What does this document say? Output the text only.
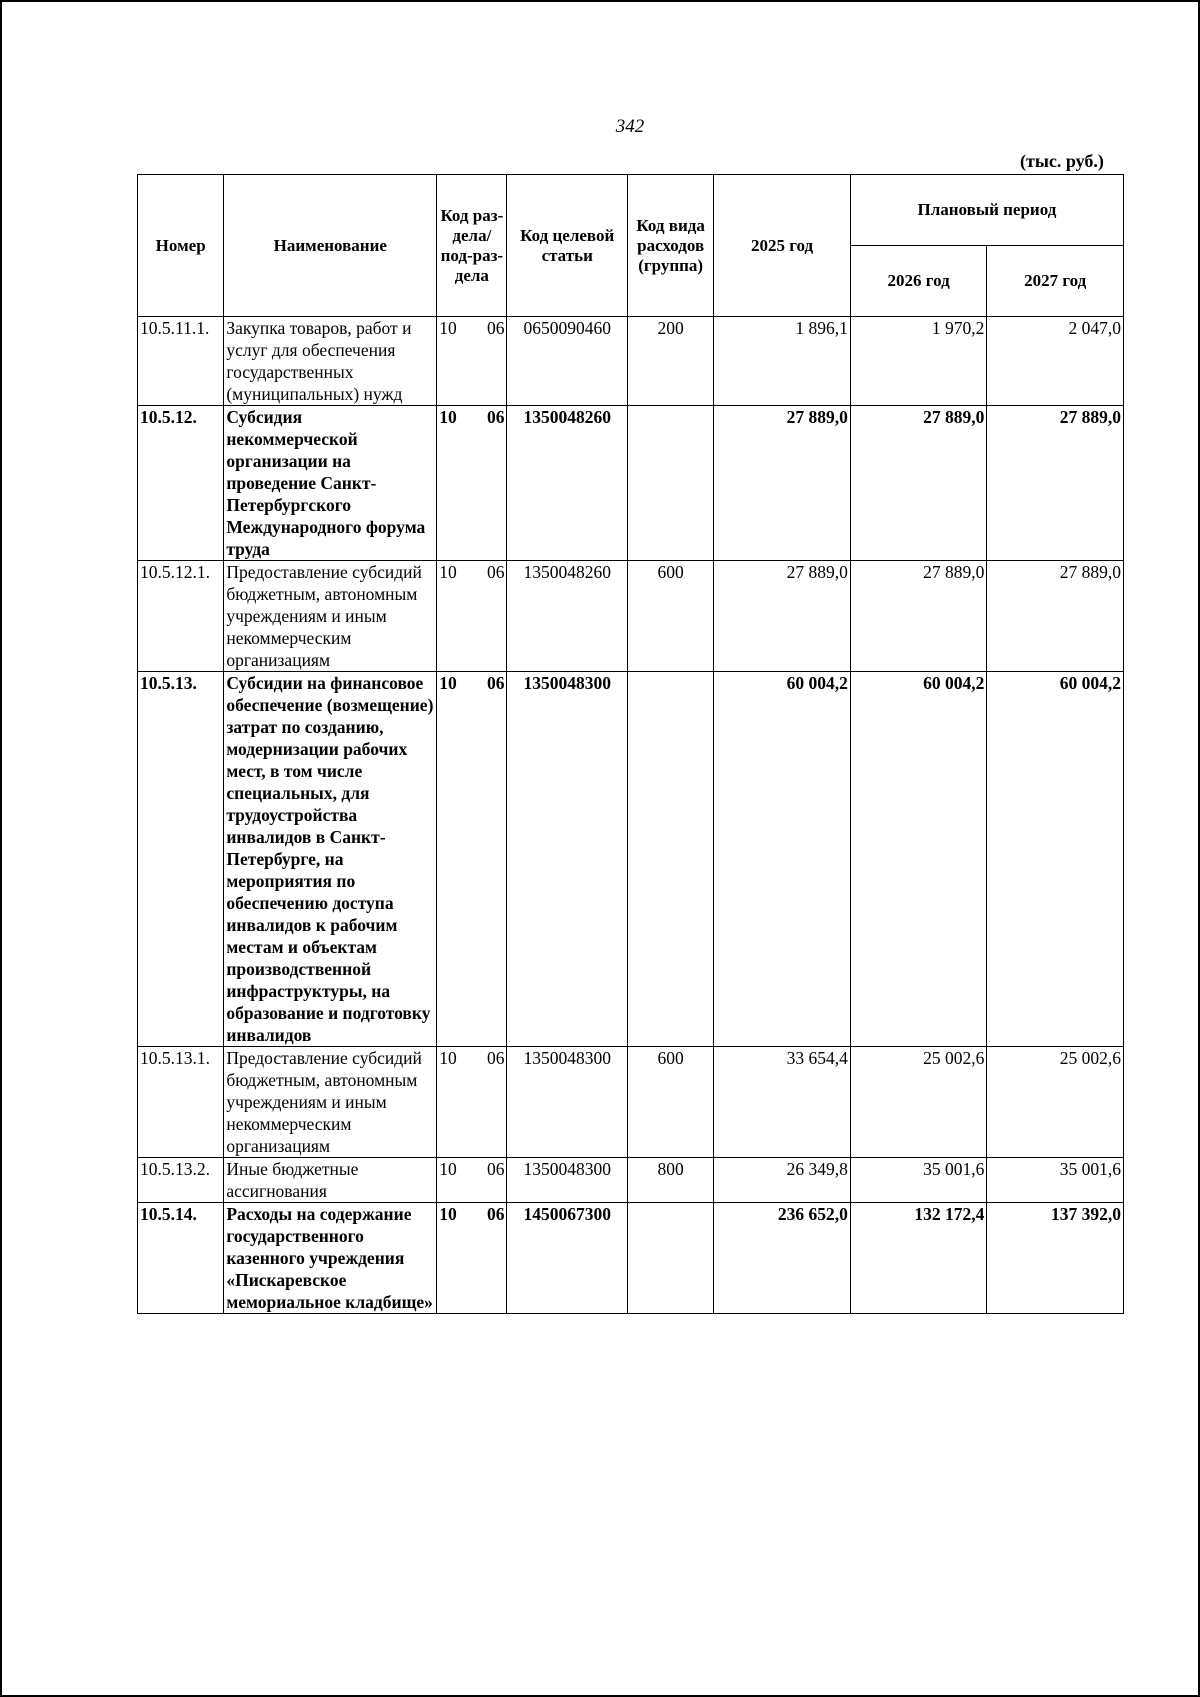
342
(тыс. руб.)
Номер	Наименование	Код раз-дела/ под-раз-дела	Код целевой статьи	Код вида расходов (группа)	2025 год	Плановый период	
						2026 год	2027 год
10.5.11.1.	Закупка товаров, работ и услуг для обеспечения государственных (муниципальных) нужд	10 06	0650090460	200	1 896,1	1 970,2	2 047,0
10.5.12.	Субсидия некоммерческой организации на проведение Санкт-Петербургского Международного форума труда	10 06	1350048260		27 889,0	27 889,0	27 889,0
10.5.12.1.	Предоставление субсидий бюджетным, автономным учреждениям и иным некоммерческим организациям	10 06	1350048260	600	27 889,0	27 889,0	27 889,0
10.5.13.	Субсидии на финансовое обеспечение (возмещение) затрат по созданию, модернизации рабочих мест, в том числе специальных, для трудоустройства инвалидов в Санкт-Петербурге, на мероприятия по обеспечению доступа инвалидов к рабочим местам и объектам производственной инфраструктуры, на образование и подготовку инвалидов	10 06	1350048300		60 004,2	60 004,2	60 004,2
10.5.13.1.	Предоставление субсидий бюджетным, автономным учреждениям и иным некоммерческим организациям	10 06	1350048300	600	33 654,4	25 002,6	25 002,6
10.5.13.2.	Иные бюджетные ассигнования	10 06	1350048300	800	26 349,8	35 001,6	35 001,6
10.5.14.	Расходы на содержание государственного казенного учреждения «Пискаревское мемориальное кладбище»	10 06	1450067300		236 652,0	132 172,4	137 392,0
